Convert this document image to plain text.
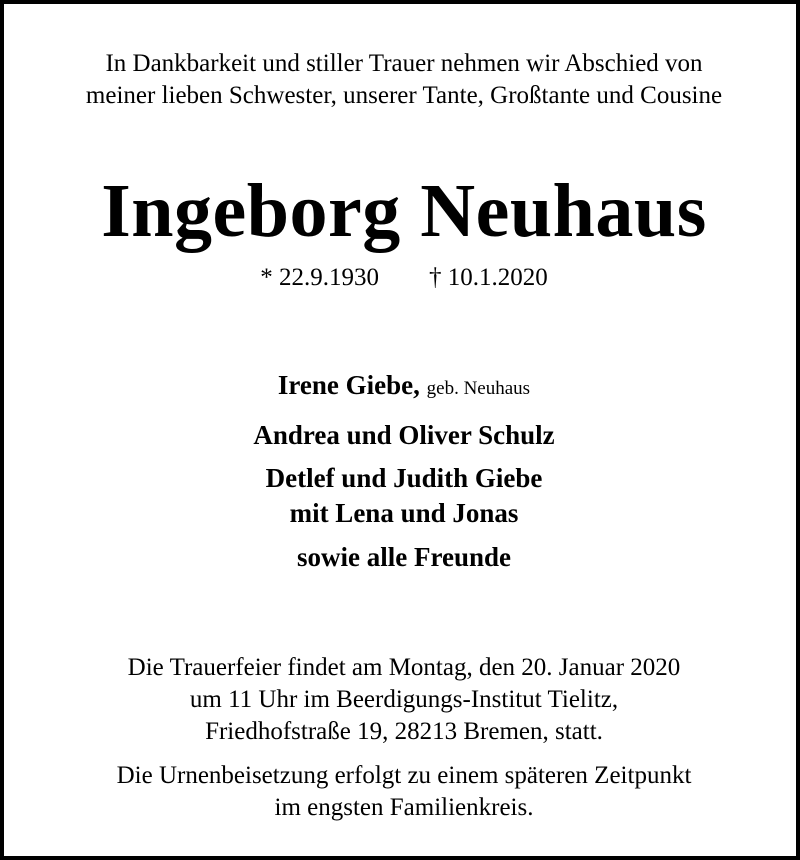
In Dankbarkeit und stiller Trauer nehmen wir Abschied von
meiner lieben Schwester, unserer Tante, Großtante und Cousine
Ingeborg Neuhaus
* 22.9.1930 † 10.1.2020
Irene Giebe, geb. Neuhaus
Andrea und Oliver Schulz
Detlef und Judith Giebe
mit Lena und Jonas
sowie alle Freunde
Die Trauerfeier findet am Montag, den 20. Januar 2020
um 11 Uhr im Beerdigungs-Institut Tielitz,
Friedhofstraße 19, 28213 Bremen, statt.
Die Urnenbeisetzung erfolgt zu einem späteren Zeitpunkt
im engsten Familienkreis.
